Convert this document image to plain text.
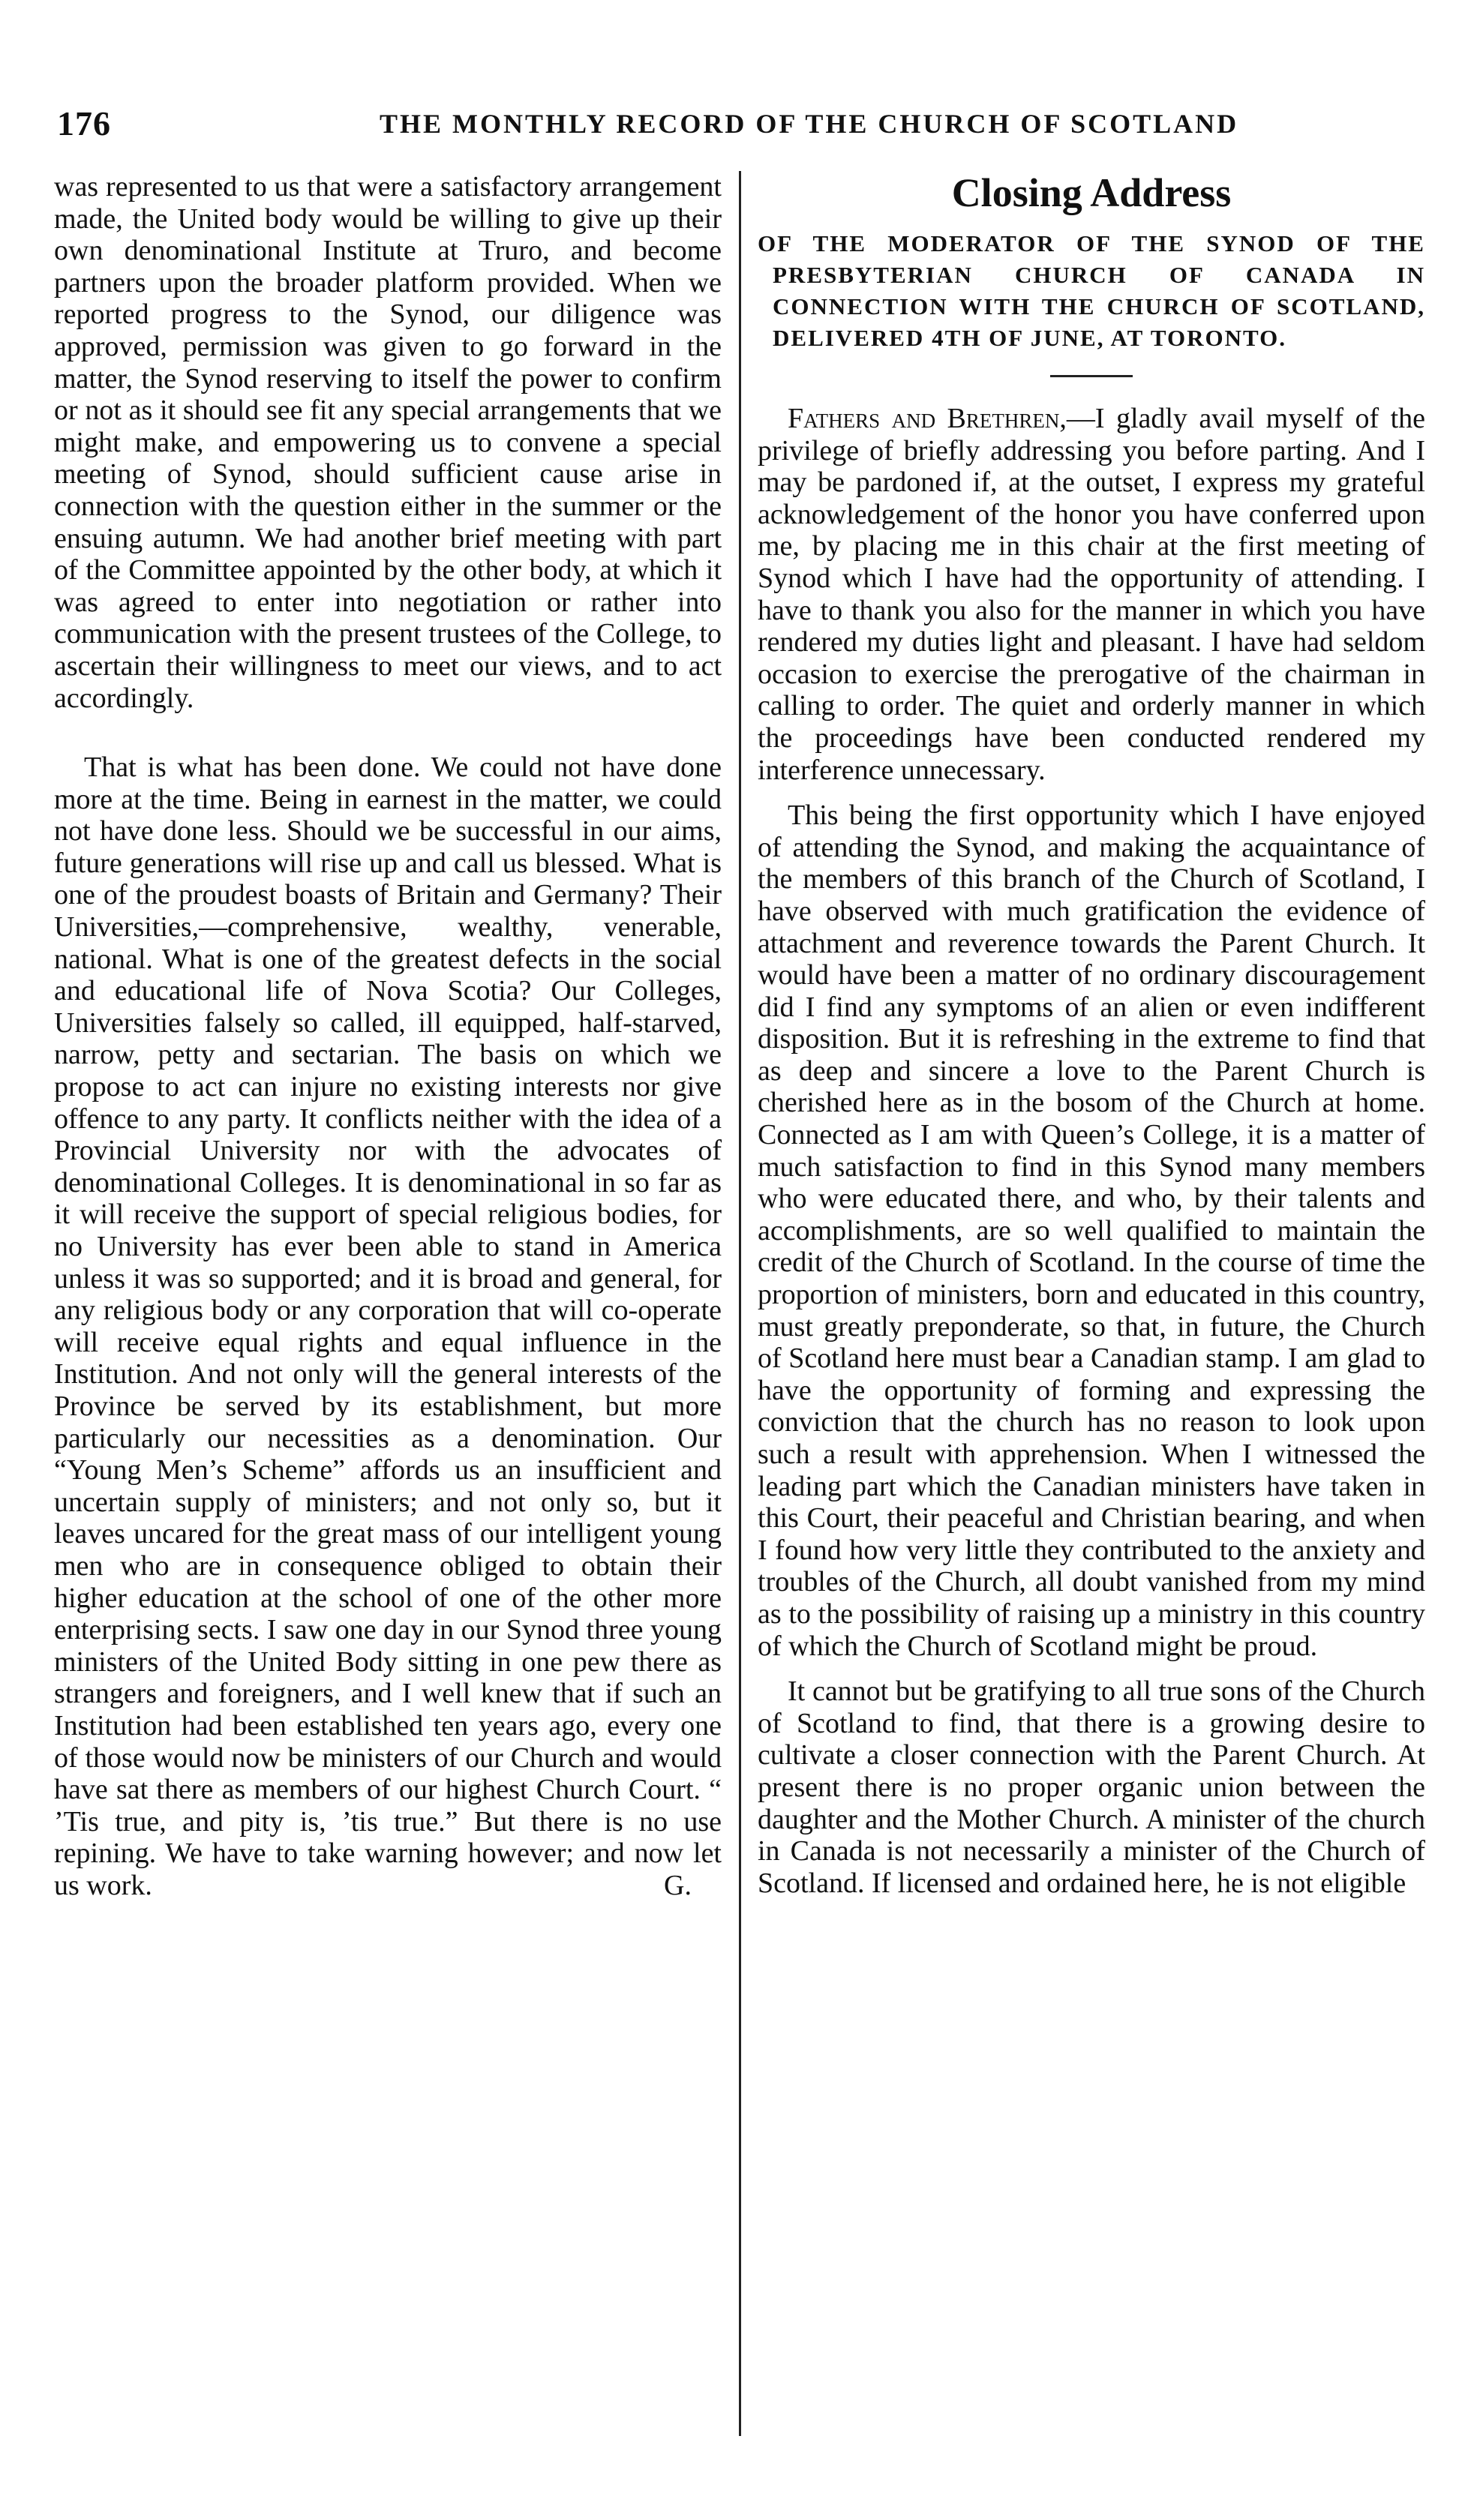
176	THE MONTHLY RECORD OF THE CHURCH OF SCOTLAND

was represented to us that were a satisfactory arrangement made, the United body would be willing to give up their own denominational Institute at Truro, and become partners upon the broader platform provided. When we reported progress to the Synod, our diligence was approved, permission was given to go forward in the matter, the Synod reserving to itself the power to confirm or not as it should see fit any special arrangements that we might make, and empowering us to convene a special meeting of Synod, should sufficient cause arise in connection with the question either in the summer or the ensuing autumn. We had another brief meeting with part of the Committee appointed by the other body, at which it was agreed to enter into negotiation or rather into communication with the present trustees of the College, to ascertain their willingness to meet our views, and to act accordingly.

That is what has been done. We could not have done more at the time. Being in earnest in the matter, we could not have done less. Should we be successful in our aims, future generations will rise up and call us blessed. What is one of the proudest boasts of Britain and Germany? Their Universities,—comprehensive, wealthy, venerable, national. What is one of the greatest defects in the social and educational life of Nova Scotia? Our Colleges, Universities falsely so called, ill equipped, half-starved, narrow, petty and sectarian. The basis on which we propose to act can injure no existing interests nor give offence to any party. It conflicts neither with the idea of a Provincial University nor with the advocates of denominational Colleges. It is denominational in so far as it will receive the support of special religious bodies, for no University has ever been able to stand in America unless it was so supported; and it is broad and general, for any religious body or any corporation that will co-operate will receive equal rights and equal influence in the Institution. And not only will the general interests of the Province be served by its establishment, but more particularly our necessities as a denomination. Our “Young Men’s Scheme” affords us an insufficient and uncertain supply of ministers; and not only so, but it leaves uncared for the great mass of our intelligent young men who are in consequence obliged to obtain their higher education at the school of one of the other more enterprising sects. I saw one day in our Synod three young ministers of the United Body sitting in one pew there as strangers and foreigners, and I well knew that if such an Institution had been established ten years ago, every one of those would now be ministers of our Church and would have sat there as members of our highest Church Court. “ ’Tis true, and pity is, ’tis true.” But there is no use repining. We have to take warning however; and now let us work.	G.

Closing Address
OF THE MODERATOR OF THE SYNOD OF THE PRESBYTERIAN CHURCH OF CANADA IN CONNECTION WITH THE CHURCH OF SCOTLAND, DELIVERED 4TH OF JUNE, AT TORONTO.

Fathers and Brethren,—I gladly avail myself of the privilege of briefly addressing you before parting. And I may be pardoned if, at the outset, I express my grateful acknowledgement of the honor you have conferred upon me, by placing me in this chair at the first meeting of Synod which I have had the opportunity of attending. I have to thank you also for the manner in which you have rendered my duties light and pleasant. I have had seldom occasion to exercise the prerogative of the chairman in calling to order. The quiet and orderly manner in which the proceedings have been conducted rendered my interference unnecessary.

This being the first opportunity which I have enjoyed of attending the Synod, and making the acquaintance of the members of this branch of the Church of Scotland, I have observed with much gratification the evidence of attachment and reverence towards the Parent Church. It would have been a matter of no ordinary discouragement did I find any symptoms of an alien or even indifferent disposition. But it is refreshing in the extreme to find that as deep and sincere a love to the Parent Church is cherished here as in the bosom of the Church at home. Connected as I am with Queen’s College, it is a matter of much satisfaction to find in this Synod many members who were educated there, and who, by their talents and accomplishments, are so well qualified to maintain the credit of the Church of Scotland. In the course of time the proportion of ministers, born and educated in this country, must greatly preponderate, so that, in future, the Church of Scotland here must bear a Canadian stamp. I am glad to have the opportunity of forming and expressing the conviction that the church has no reason to look upon such a result with apprehension. When I witnessed the leading part which the Canadian ministers have taken in this Court, their peaceful and Christian bearing, and when I found how very little they contributed to the anxiety and troubles of the Church, all doubt vanished from my mind as to the possibility of raising up a ministry in this country of which the Church of Scotland might be proud.

It cannot but be gratifying to all true sons of the Church of Scotland to find, that there is a growing desire to cultivate a closer connection with the Parent Church. At present there is no proper organic union between the daughter and the Mother Church. A minister of the church in Canada is not necessarily a minister of the Church of Scotland. If licensed and ordained here, he is not eligible
